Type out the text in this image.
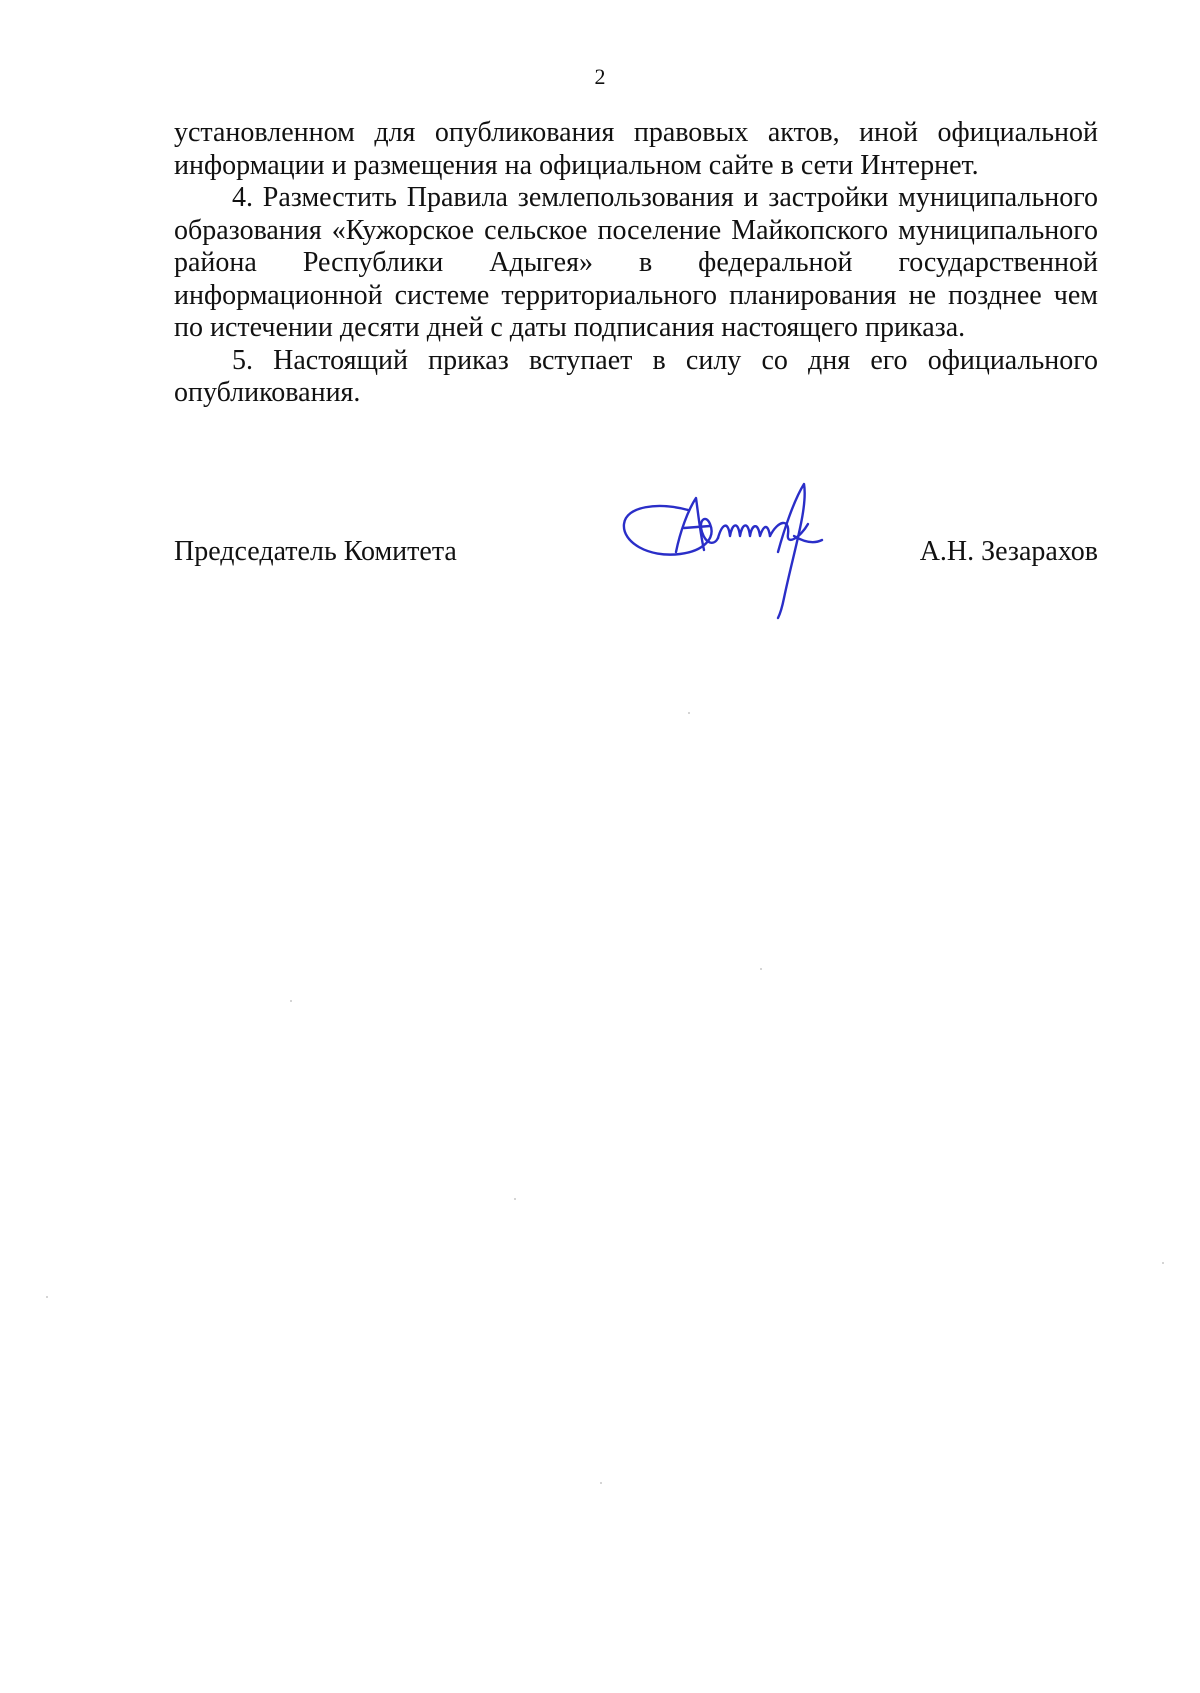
2

установленном для опубликования правовых актов, иной официальной информации и размещения на официальном сайте в сети Интернет.

4. Разместить Правила землепользования и застройки муниципального образования «Кужорское сельское поселение Майкопского муниципального района Республики Адыгея» в федеральной государственной информационной системе территориального планирования не позднее чем по истечении десяти дней с даты подписания настоящего приказа.

5. Настоящий приказ вступает в силу со дня его официального опубликования.

Председатель Комитета	А.Н. Зезарахов
